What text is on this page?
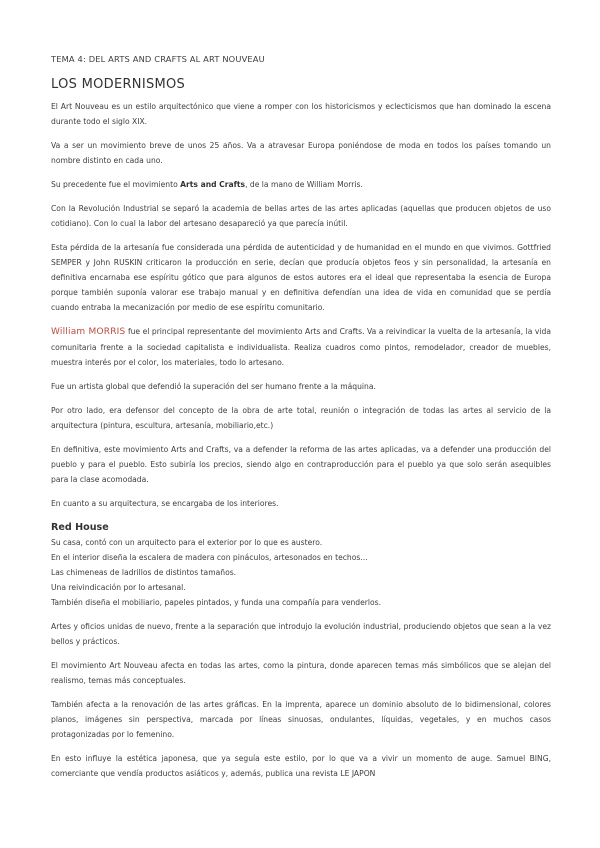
TEMA 4: DEL ARTS AND CRAFTS AL ART NOUVEAU
LOS MODERNISMOS

El Art Nouveau es un estilo arquitectónico que viene a romper con los historicismos y eclecticismos que han dominado la escena durante todo el siglo XIX.

Va a ser un movimiento breve de unos 25 años. Va a atravesar Europa poniéndose de moda en todos los países tomando un nombre distinto en cada uno.

Su precedente fue el movimiento Arts and Crafts, de la mano de William Morris.

Con la Revolución Industrial se separó la academia de bellas artes de las artes aplicadas (aquellas que producen objetos de uso cotidiano). Con lo cual la labor del artesano desapareció ya que parecía inútil.

Esta pérdida de la artesanía fue considerada una pérdida de autenticidad y de humanidad en el mundo en que vivimos. Gottfried SEMPER y John RUSKIN criticaron la producción en serie, decían que producía objetos feos y sin personalidad, la artesanía en definitiva encarnaba ese espíritu gótico que para algunos de estos autores era el ideal que representaba la esencia de Europa porque también suponía valorar ese trabajo manual y en definitiva defendían una idea de vida en comunidad que se perdía cuando entraba la mecanización por medio de ese espíritu comunitario.

William MORRIS fue el principal representante del movimiento Arts and Crafts. Va a reivindicar la vuelta de la artesanía, la vida comunitaria frente a la sociedad capitalista e individualista. Realiza cuadros como pintos, remodelador, creador de muebles, muestra interés por el color, los materiales, todo lo artesano.

Fue un artista global que defendió la superación del ser humano frente a la máquina.

Por otro lado, era defensor del concepto de la obra de arte total, reunión o integración de todas las artes al servicio de la arquitectura (pintura, escultura, artesanía, mobiliario,etc.)

En definitiva, este movimiento Arts and Crafts, va a defender la reforma de las artes aplicadas, va a defender una producción del pueblo y para el pueblo. Esto subiría los precios, siendo algo en contraproducción para el pueblo ya que solo serán asequibles para la clase acomodada.

En cuanto a su arquitectura, se encargaba de los interiores.

Red House

Su casa, contó con un arquitecto para el exterior por lo que es austero.

En el interior diseña la escalera de madera con pináculos, artesonados en techos...

Las chimeneas de ladrillos de distintos tamaños.

Una reivindicación por lo artesanal.

También diseña el mobiliario, papeles pintados, y funda una compañía para venderlos.

Artes y oficios unidas de nuevo, frente a la separación que introdujo la evolución industrial, produciendo objetos que sean a la vez bellos y prácticos.

El movimiento Art Nouveau afecta en todas las artes, como la pintura, donde aparecen temas más simbólicos que se alejan del realismo, temas más conceptuales.

También afecta a la renovación de las artes gráficas. En la imprenta, aparece un dominio absoluto de lo bidimensional, colores planos, imágenes sin perspectiva, marcada por líneas sinuosas, ondulantes, líquidas, vegetales, y en muchos casos protagonizadas por lo femenino.

En esto influye la estética japonesa, que ya seguía este estilo, por lo que va a vivir un momento de auge. Samuel BING, comerciante que vendía productos asiáticos y, además, publica una revista LE JAPON
